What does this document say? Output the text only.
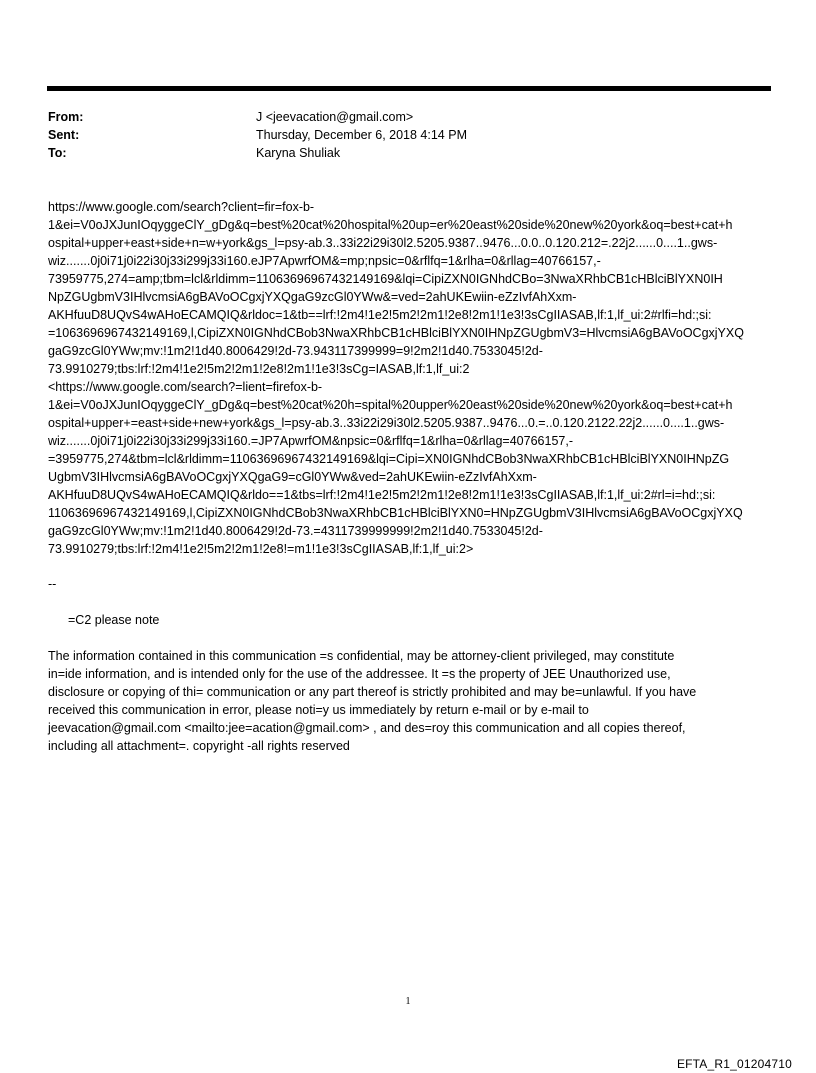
From:	J <jeevacation@gmail.com>
Sent:	Thursday, December 6, 2018 4:14 PM
To:	Karyna Shuliak
https://www.google.com/search?client=fir=fox-b-
1&ei=V0oJXJunIOqyggeClY_gDg&q=best%20cat%20hospital%20up=er%20east%20side%20new%20york&oq=best+cat+h
ospital+upper+east+side+n=w+york&gs_l=psy-ab.3..33i22i29i30l2.5205.9387..9476...0.0..0.120.212=.22j2......0....1..gws-
wiz.......0j0i71j0i22i30j33i299j33i160.eJP7ApwrfOM&=mp;npsic=0&rflfq=1&rlha=0&rllag=40766157,-
73959775,274=amp;tbm=lcl&rldimm=11063696967432149169&lqi=CipiZXN0IGNhdCBo=3NwaXRhbCB1cHBlciBlYXN0IH
NpZGUgbmV3IHlvcmsiA6gBAVoOCgxjYXQgaG9zcGl0YWw&=ved=2ahUKEwiin-eZzIvfAhXxm-
AKHfuuD8UQvS4wAHoECAMQIQ&rldoc=1&tb==lrf:!2m4!1e2!5m2!2m1!2e8!2m1!1e3!3sCgIIASAB,lf:1,lf_ui:2#rlfi=hd:;si:
=1063696967432149169,l,CipiZXN0IGNhdCBob3NwaXRhbCB1cHBlciBlYXN0IHNpZGUgbmV3=HlvcmsiA6gBAVoOCgxjYXQ
gaG9zcGl0YWw;mv:!1m2!1d40.8006429!2d-73.943117399999=9!2m2!1d40.7533045!2d-
73.9910279;tbs:lrf:!2m4!1e2!5m2!2m1!2e8!2m1!1e3!3sCg=IASAB,lf:1,lf_ui:2
<https://www.google.com/search?=lient=firefox-b-
1&ei=V0oJXJunIOqyggeClY_gDg&q=best%20cat%20h=spital%20upper%20east%20side%20new%20york&oq=best+cat+h
ospital+upper+=east+side+new+york&gs_l=psy-ab.3..33i22i29i30l2.5205.9387..9476...0.=..0.120.2122.22j2......0....1..gws-
wiz.......0j0i71j0i22i30j33i299j33i160.=JP7ApwrfOM&npsic=0&rflfq=1&rlha=0&rllag=40766157,-
=3959775,274&tbm=lcl&rldimm=11063696967432149169&lqi=Cipi=XN0IGNhdCBob3NwaXRhbCB1cHBlciBlYXN0IHNpZG
UgbmV3IHlvcmsiA6gBAVoOCgxjYXQgaG9=cGl0YWw&ved=2ahUKEwiin-eZzIvfAhXxm-
AKHfuuD8UQvS4wAHoECAMQIQ&rldo==1&tbs=lrf:!2m4!1e2!5m2!2m1!2e8!2m1!1e3!3sCgIIASAB,lf:1,lf_ui:2#rl=i=hd:;si:
11063696967432149169,l,CipiZXN0IGNhdCBob3NwaXRhbCB1cHBlciBlYXN0=HNpZGUgbmV3IHlvcmsiA6gBAVoOCgxjYXQ
gaG9zcGl0YWw;mv:!1m2!1d40.8006429!2d-73.=4311739999999!2m2!1d40.7533045!2d-
73.9910279;tbs:lrf:!2m4!1e2!5m2!2m1!2e8!=m1!1e3!3sCgIIASAB,lf:1,lf_ui:2>
--
=C2 please note
The information contained in this communication =s confidential, may be attorney-client privileged, may constitute
in=ide information, and is intended only for the use of the addressee. It =s the property of JEE Unauthorized use,
disclosure or copying of thi= communication or any part thereof is strictly prohibited and may be=unlawful. If you have
received this communication in error, please noti=y us immediately by return e-mail or by e-mail to
jeevacation@gmail.com <mailto:jee=acation@gmail.com> , and des=roy this communication and all copies thereof,
including all attachment=. copyright -all rights reserved
1
EFTA_R1_01204710
